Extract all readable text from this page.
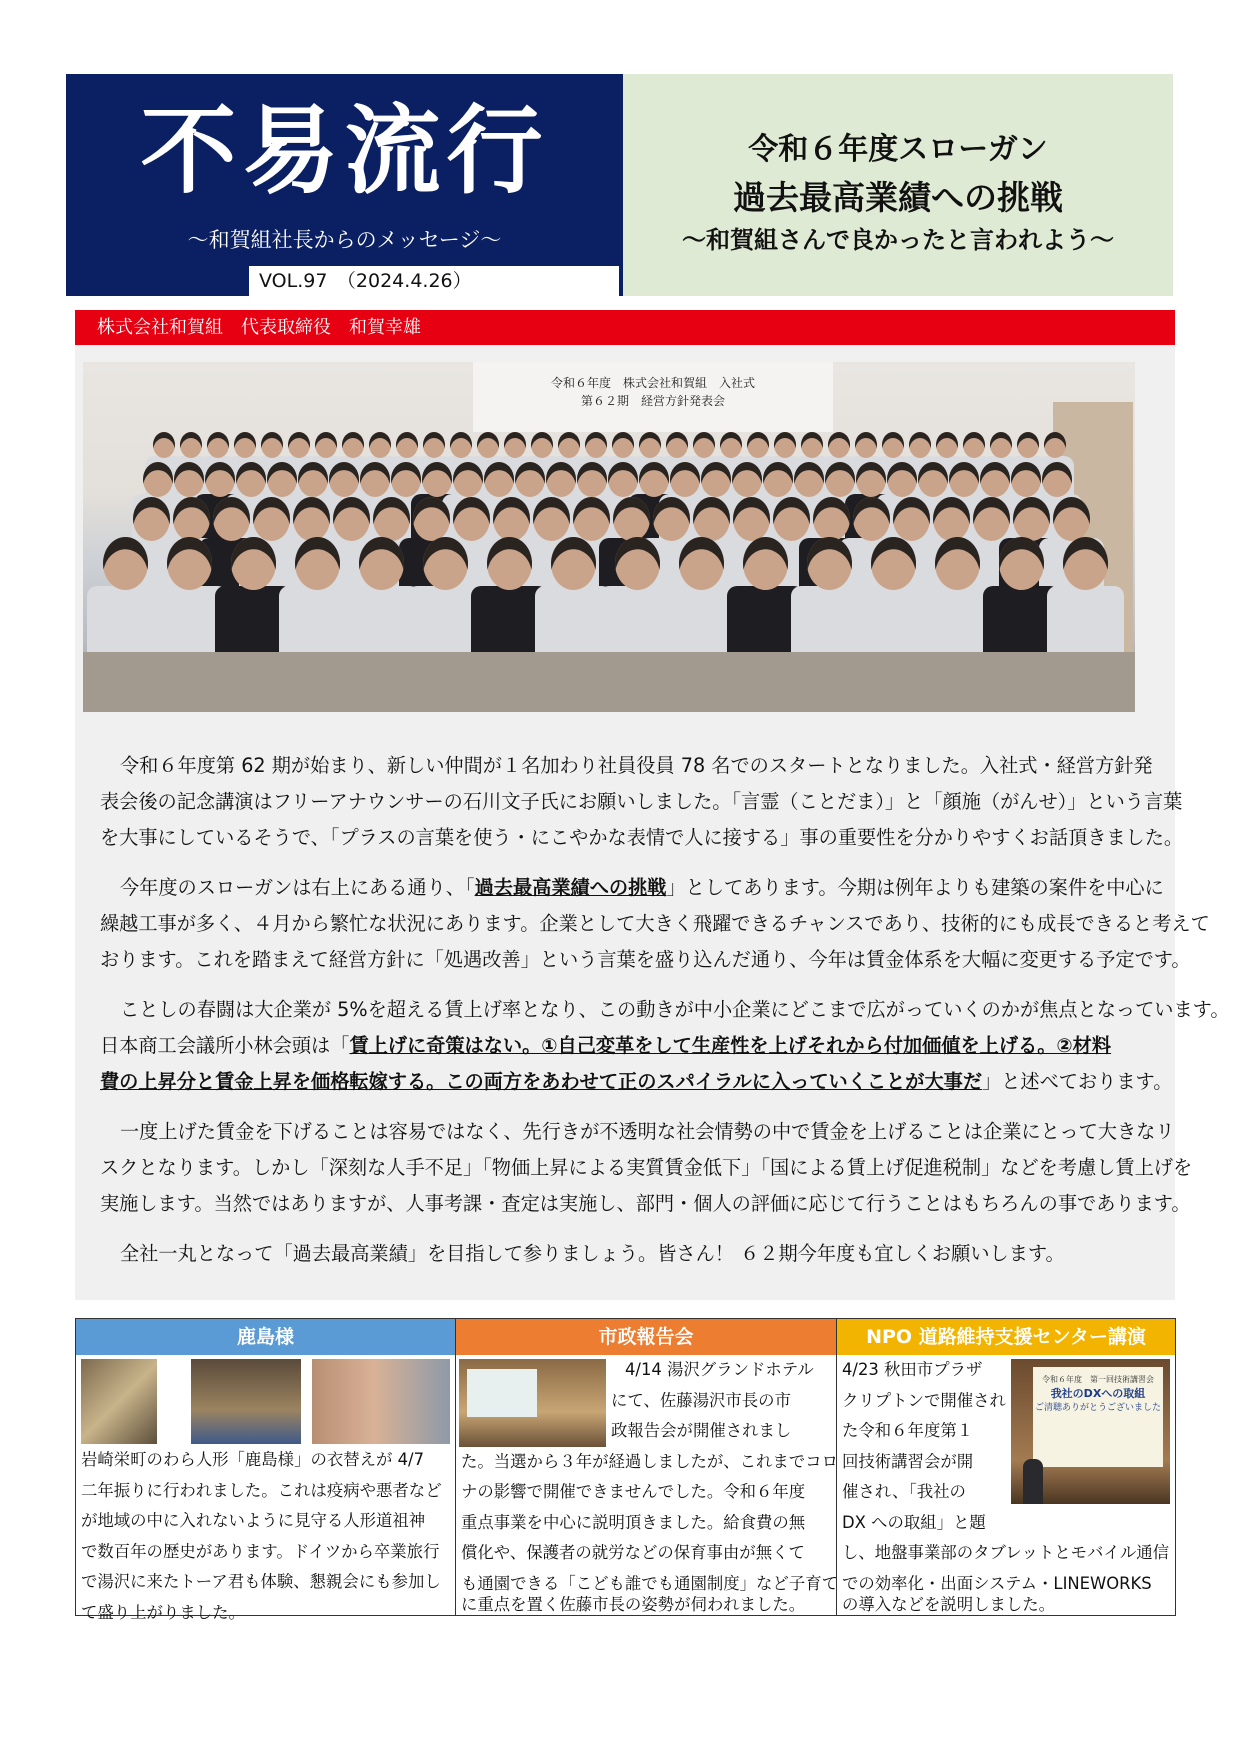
不易流行
～和賀組社長からのメッセージ～
VOL.97　（2024.4.26）
令和６年度スローガン
過去最高業績への挑戦
～和賀組さんで良かったと言われよう～
株式会社和賀組　代表取締役　和賀幸雄
令和６年度　株式会社和賀組　入社式
第６２期　経営方針発表会
令和６年度第 62 期が始まり、新しい仲間が１名加わり社員役員 78 名でのスタートとなりました。入社式・経営方針発
表会後の記念講演はフリーアナウンサーの石川文子氏にお願いしました。「言霊（ことだま）」と「顔施（がんせ）」という言葉
を大事にしているそうで、「プラスの言葉を使う・にこやかな表情で人に接する」事の重要性を分かりやすくお話頂きました。
今年度のスローガンは右上にある通り、「過去最高業績への挑戦」としてあります。今期は例年よりも建築の案件を中心に
繰越工事が多く、４月から繁忙な状況にあります。企業として大きく飛躍できるチャンスであり、技術的にも成長できると考えて
おります。これを踏まえて経営方針に「処遇改善」という言葉を盛り込んだ通り、今年は賃金体系を大幅に変更する予定です。
ことしの春闘は大企業が 5%を超える賃上げ率となり、この動きが中小企業にどこまで広がっていくのかが焦点となっています。
日本商工会議所小林会頭は「賃上げに奇策はない。①自己変革をして生産性を上げそれから付加価値を上げる。②材料
費の上昇分と賃金上昇を価格転嫁する。この両方をあわせて正のスパイラルに入っていくことが大事だ」と述べております。
一度上げた賃金を下げることは容易ではなく、先行きが不透明な社会情勢の中で賃金を上げることは企業にとって大きなリ
スクとなります。しかし「深刻な人手不足」「物価上昇による実質賃金低下」「国による賃上げ促進税制」などを考慮し賃上げを
実施します。当然ではありますが、人事考課・査定は実施し、部門・個人の評価に応じて行うことはもちろんの事であります。
全社一丸となって「過去最高業績」を目指して参りましょう。皆さん！ ６２期今年度も宜しくお願いします。
鹿島様
岩崎栄町のわら人形「鹿島様」の衣替えが 4/7
二年振りに行われました。これは疫病や悪者など
が地域の中に入れないように見守る人形道祖神
で数百年の歴史があります。ドイツから卒業旅行
で湯沢に来たトーア君も体験、懇親会にも参加し
て盛り上がりました。
市政報告会
4/14 湯沢グランドホテル
にて、佐藤湯沢市長の市
政報告会が開催されまし
た。当選から３年が経過しましたが、これまでコロ
ナの影響で開催できませんでした。令和６年度
重点事業を中心に説明頂きました。給食費の無
償化や、保護者の就労などの保育事由が無くて
も通園できる「こども誰でも通園制度」など子育て
に重点を置く佐藤市長の姿勢が伺われました。
NPO 道路維持支援センター講演
4/23 秋田市プラザ
クリプトンで開催され
た令和６年度第１
回技術講習会が開
催され、「我社の
DX への取組」と題
令和６年度　第一回技術講習会
我社のDXへの取組
ご清聴ありがとうございました
し、地盤事業部のタブレットとモバイル通信
での効率化・出面システム・LINEWORKS
の導入などを説明しました。
